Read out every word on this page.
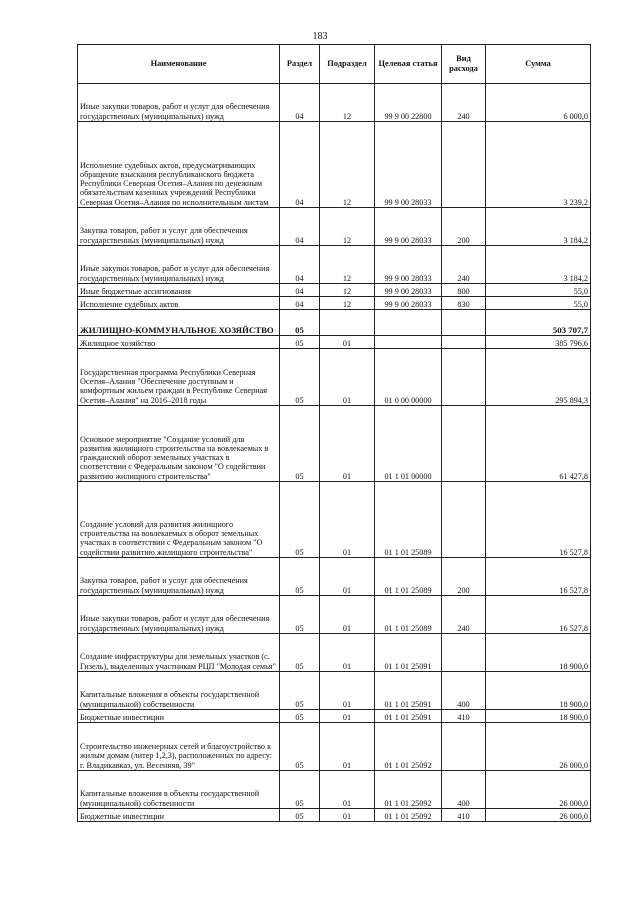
183
Наименование	Раздел	Подраздел	Целевая статья	Вид расхода	Сумма
Иные закупки товаров, работ и услуг для обеспечения государственных (муниципальных) нужд	04	12	99 9 00 22800	240	6 000,0
Исполнение судебных актов, предусматривающих обращение взыскания республиканского бюджета Республики Северная Осетия–Алания по денежным обязательствам казенных учреждений Республики Северная Осетия–Алания по исполнительным листам	04	12	99 9 00 28033		3 239,2
Закупка товаров, работ и услуг для обеспечения государственных (муниципальных) нужд	04	12	99 9 00 28033	200	3 184,2
Иные закупки товаров, работ и услуг для обеспечения государственных (муниципальных) нужд	04	12	99 9 00 28033	240	3 184,2
Иные бюджетные ассигнования	04	12	99 9 00 28033	800	55,0
Исполнение судебных актов	04	12	99 9 00 28033	830	55,0
ЖИЛИЩНО-КОММУНАЛЬНОЕ ХОЗЯЙСТВО	05				503 707,7
Жилищное хозяйство	05	01			385 796,6
Государственная программа Республики Северная Осетия–Алания "Обеспечение доступным и комфортным жильем граждан в Республике Северная Осетия–Алания" на 2016–2018 годы	05	01	01 0 00 00000		295 894,3
Основное мероприятие "Создание условий для развития жилищного строительства на вовлекаемых в гражданский оборот земельных участках в соответствии с Федеральным законом "О содействии развитию жилищного строительства"	05	01	01 1 01 00000		61 427,8
Создание условий для развития жилищного строительства на вовлекаемых в оборот земельных участках в соответствии с Федеральным законом "О содействии развитию жилищного строительства"	05	01	01 1 01 25089		16 527,8
Закупка товаров, работ и услуг для обеспечения государственных (муниципальных) нужд	05	01	01 1 01 25089	200	16 527,8
Иные закупки товаров, работ и услуг для обеспечения государственных (муниципальных) нужд	05	01	01 1 01 25089	240	16 527,8
Создание инфраструктуры для земельных участков (с. Гизель), выделенных участникам РЦП "Молодая семья"	05	01	01 1 01 25091		18 900,0
Капитальные вложения в объекты государственной (муниципальной) собственности	05	01	01 1 01 25091	400	18 900,0
Бюджетные инвестиции	05	01	01 1 01 25091	410	18 900,0
Строительство инженерных сетей и благоустройство к жилым домам (литер 1,2,3), расположенных по адресу: г. Владикавказ, ул. Весенняя, 39"	05	01	01 1 01 25092		26 000,0
Капитальные вложения в объекты государственной (муниципальной) собственности	05	01	01 1 01 25092	400	26 000,0
Бюджетные инвестиции	05	01	01 1 01 25092	410	26 000,0
